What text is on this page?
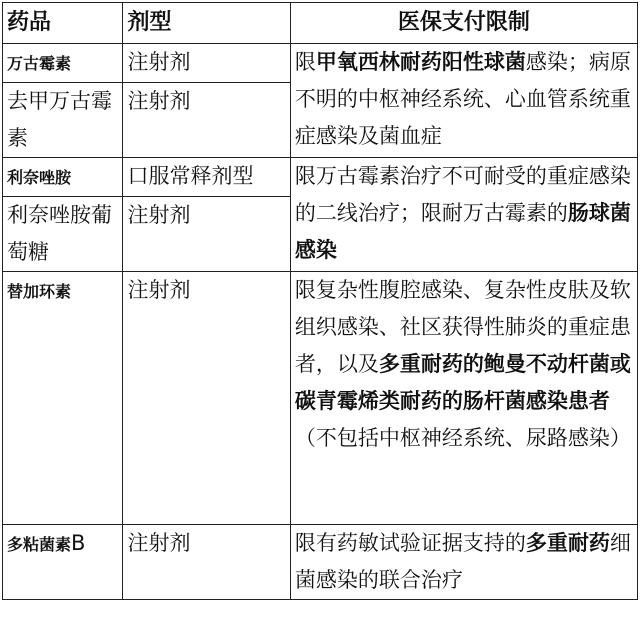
药品	剂型	医保支付限制
万古霉素	注射剂	限甲氧西林耐药阳性球菌感染；病原不明的中枢神经系统、心血管系统重症感染及菌血症
去甲万古霉素	注射剂	
利奈唑胺	口服常释剂型	限万古霉素治疗不可耐受的重症感染的二线治疗；限耐万古霉素的肠球菌感染
利奈唑胺葡萄糖	注射剂	
替加环素	注射剂	限复杂性腹腔感染、复杂性皮肤及软组织感染、社区获得性肺炎的重症患者，以及多重耐药的鲍曼不动杆菌或碳青霉烯类耐药的肠杆菌感染患者（不包括中枢神经系统、尿路感染）
多粘菌素B	注射剂	限有药敏试验证据支持的多重耐药细菌感染的联合治疗
